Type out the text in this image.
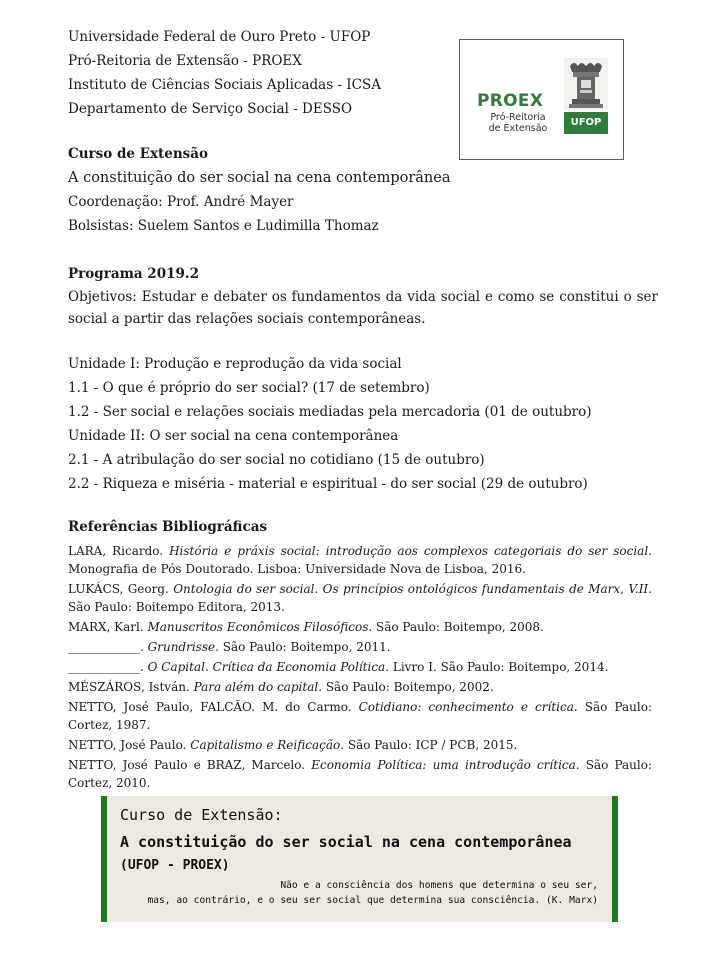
Universidade Federal de Ouro Preto - UFOP
Pró-Reitoria de Extensão - PROEX
Instituto de Ciências Sociais Aplicadas - ICSA
Departamento de Serviço Social - DESSO	PROEX
Pró-Reitoria
de Extensão
UFOP
Curso de Extensão
A constituição do ser social na cena contemporânea
Coordenação: Prof. André Mayer
Bolsistas: Suelem Santos e Ludimilla Thomaz
Programa 2019.2
Objetivos: Estudar e debater os fundamentos da vida social e como se constitui o ser social a partir das relações sociais contemporâneas.
Unidade I: Produção e reprodução da vida social
1.1 - O que é próprio do ser social? (17 de setembro)
1.2 - Ser social e relações sociais mediadas pela mercadoria (01 de outubro)
Unidade II: O ser social na cena contemporânea
2.1 - A atribulação do ser social no cotidiano (15 de outubro)
2.2 - Riqueza e miséria - material e espiritual - do ser social (29 de outubro)
Referências Bibliográficas
LARA, Ricardo. História e práxis social: introdução aos complexos categoriais do ser social. Monografia de Pós Doutorado. Lisboa: Universidade Nova de Lisboa, 2016.
LUKÁCS, Georg. Ontologia do ser social. Os princípios ontológicos fundamentais de Marx, V.II. São Paulo: Boitempo Editora, 2013.
MARX, Karl. Manuscritos Econômicos Filosóficos. São Paulo: Boitempo, 2008.
____________. Grundrisse. São Paulo: Boitempo, 2011.
____________. O Capital. Crítica da Economia Política. Livro I. São Paulo: Boitempo, 2014.
MÉSZÁROS, István. Para além do capital. São Paulo: Boitempo, 2002.
NETTO, José Paulo, FALCÃO. M. do Carmo. Cotidiano: conhecimento e crítica. São Paulo: Cortez, 1987.
NETTO, José Paulo. Capitalismo e Reificação. São Paulo: ICP / PCB, 2015.
NETTO, José Paulo e BRAZ, Marcelo. Economia Política: uma introdução crítica. São Paulo: Cortez, 2010.
Curso de Extensão:
A constituição do ser social na cena contemporânea
(UFOP - PROEX)
Não e a consciência dos homens que determina o seu ser,
mas, ao contrário, e o seu ser social que determina sua consciência. (K. Marx)
